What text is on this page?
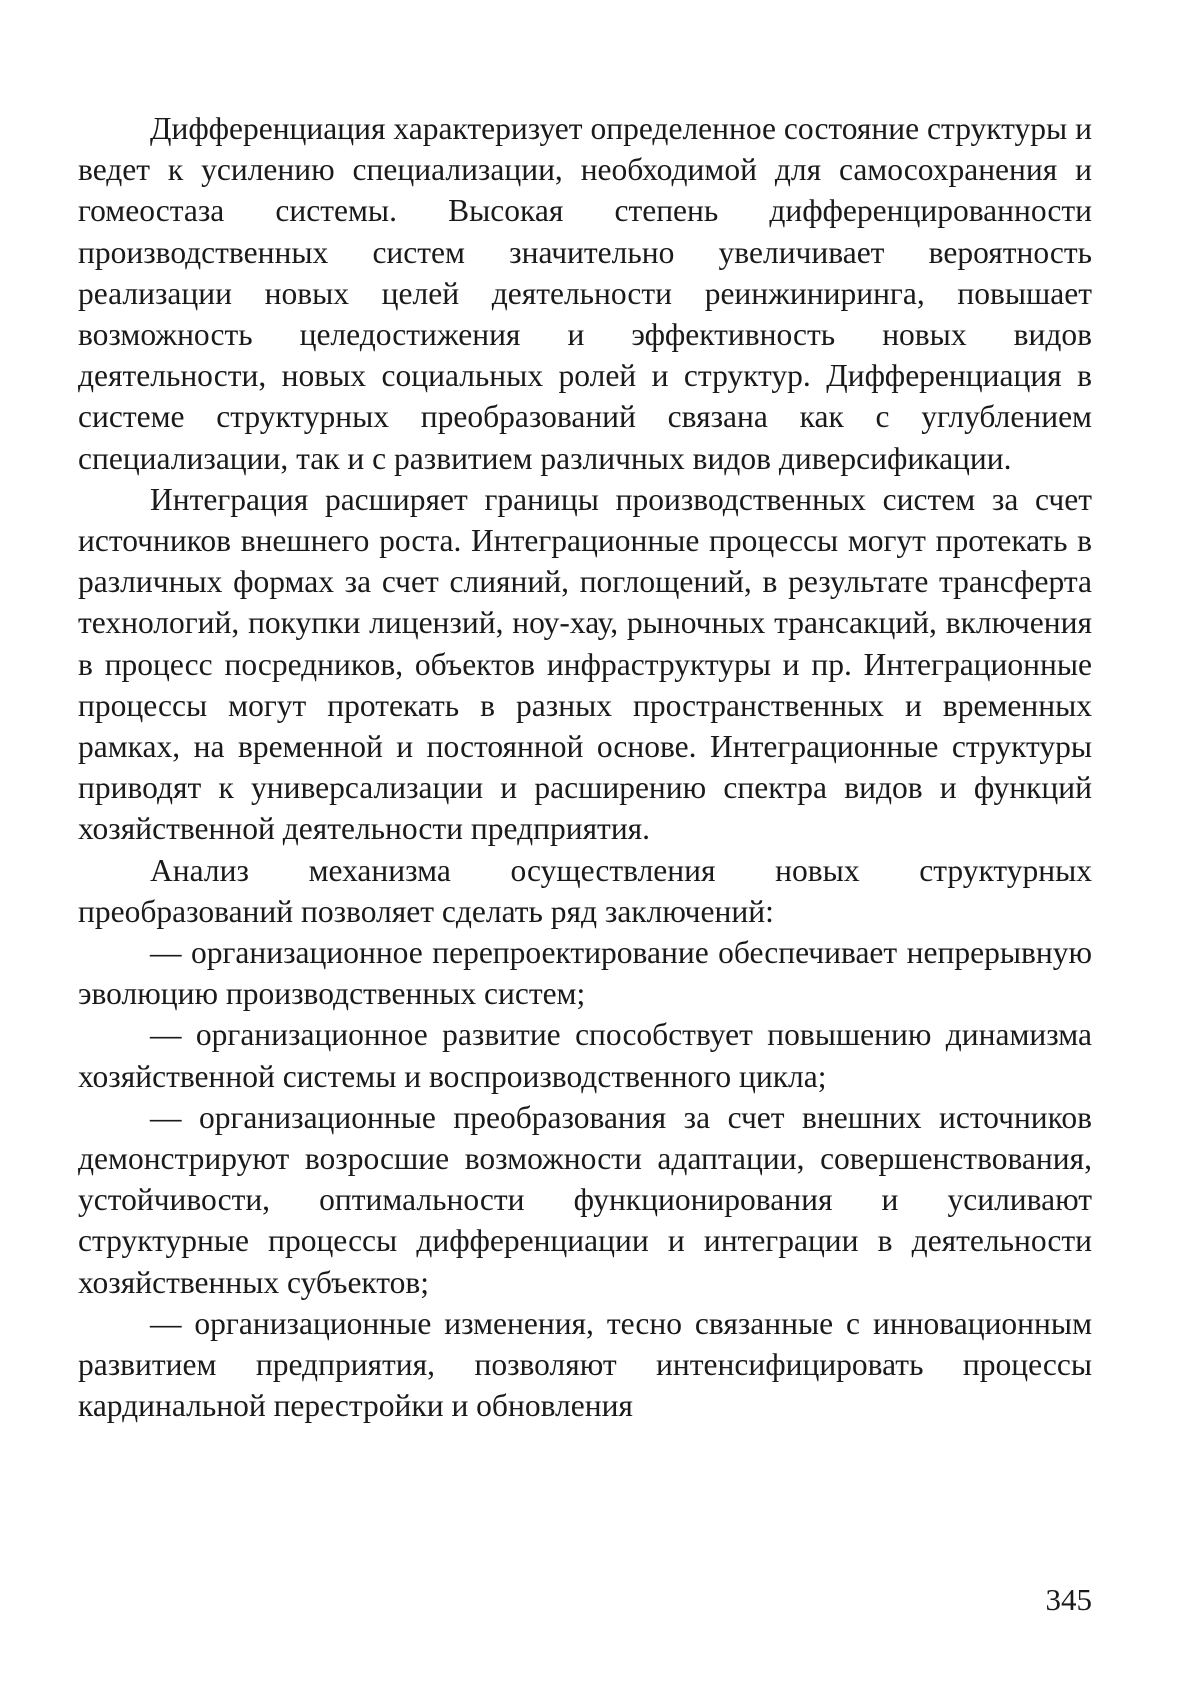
Дифференциация характеризует определенное состояние структуры и ведет к усилению специализации, необходимой для самосохранения и гомеостаза системы. Высокая степень дифференцированности производственных систем значительно увеличивает вероятность реализации новых целей деятельности реинжиниринга, повышает возможность целедостижения и эффективность новых видов деятельности, новых социальных ролей и структур. Дифференциация в системе структурных преобразований связана как с углублением специализации, так и с развитием различных видов диверсификации.

Интеграция расширяет границы производственных систем за счет источников внешнего роста. Интеграционные процессы могут протекать в различных формах за счет слияний, поглощений, в результате трансферта технологий, покупки лицензий, ноу-хау, рыночных трансакций, включения в процесс посредников, объектов инфраструктуры и пр. Интеграционные процессы могут протекать в разных пространственных и временных рамках, на временной и постоянной основе. Интеграционные структуры приводят к универсализации и расширению спектра видов и функций хозяйственной деятельности предприятия.

Анализ механизма осуществления новых структурных преобразований позволяет сделать ряд заключений:

— организационное перепроектирование обеспечивает непрерывную эволюцию производственных систем;

— организационное развитие способствует повышению динамизма хозяйственной системы и воспроизводственного цикла;

— организационные преобразования за счет внешних источников демонстрируют возросшие возможности адаптации, совершенствования, устойчивости, оптимальности функционирования и усиливают структурные процессы дифференциации и интеграции в деятельности хозяйственных субъектов;

— организационные изменения, тесно связанные с инновационным развитием предприятия, позволяют интенсифицировать процессы кардинальной перестройки и обновления

345
